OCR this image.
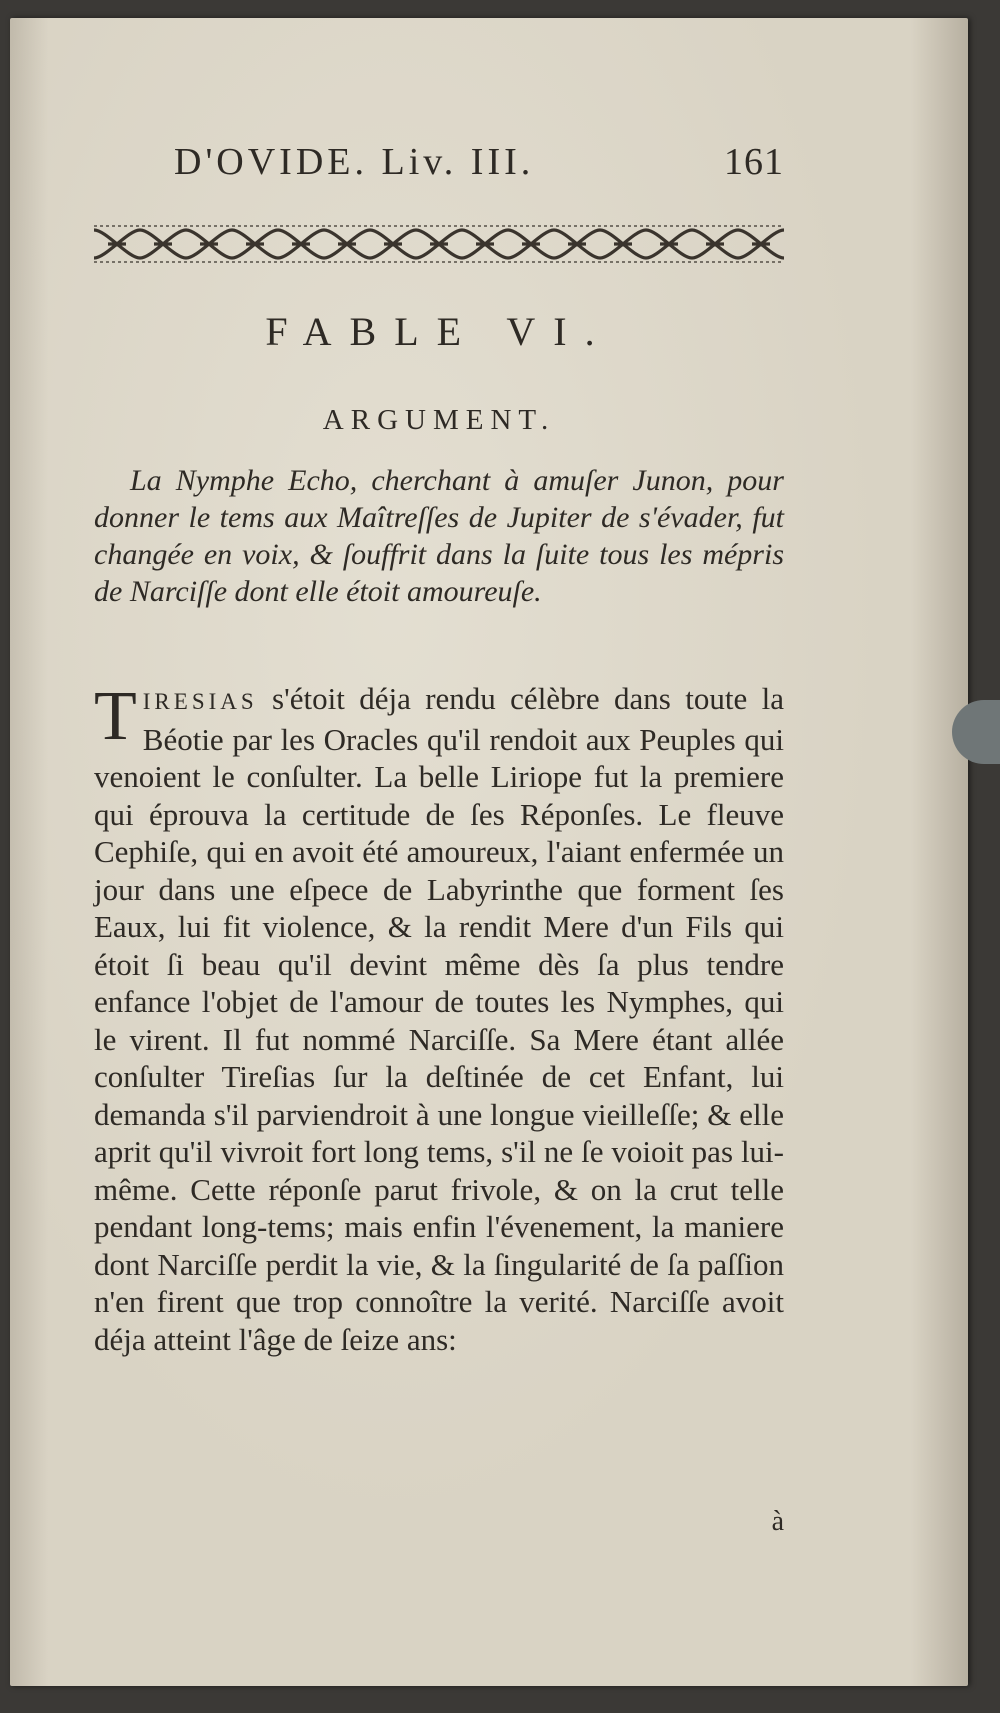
D'OVIDE. Liv. III.	161
FABLE VI.
ARGUMENT.
La Nymphe Echo, cherchant à amuſer Junon, pour donner le tems aux Maîtreſſes de Jupiter de s'évader, fut changée en voix, & ſouffrit dans la ſuite tous les mépris de Narciſſe dont elle étoit amoureuſe.
TIRESIAS s'étoit déja rendu célèbre dans toute la Béotie par les Oracles qu'il rendoit aux Peuples qui venoient le conſulter. La belle Liriope fut la premiere qui éprouva la certitude de ſes Réponſes. Le fleuve Cephiſe, qui en avoit été amoureux, l'aiant enfermée un jour dans une eſpece de Labyrinthe que forment ſes Eaux, lui fit violence, & la rendit Mere d'un Fils qui étoit ſi beau qu'il devint même dès ſa plus tendre enfance l'objet de l'amour de toutes les Nymphes, qui le virent. Il fut nommé Narciſſe. Sa Mere étant allée conſulter Tireſias ſur la deſtinée de cet Enfant, lui demanda s'il parviendroit à une longue vieilleſſe; & elle aprit qu'il vivroit fort long tems, s'il ne ſe voioit pas lui-même. Cette réponſe parut frivole, & on la crut telle pendant long-tems; mais enfin l'évenement, la maniere dont Narciſſe perdit la vie, & la ſingularité de ſa paſſion n'en firent que trop connoître la verité. Narciſſe avoit déja atteint l'âge de ſeize ans:
à
